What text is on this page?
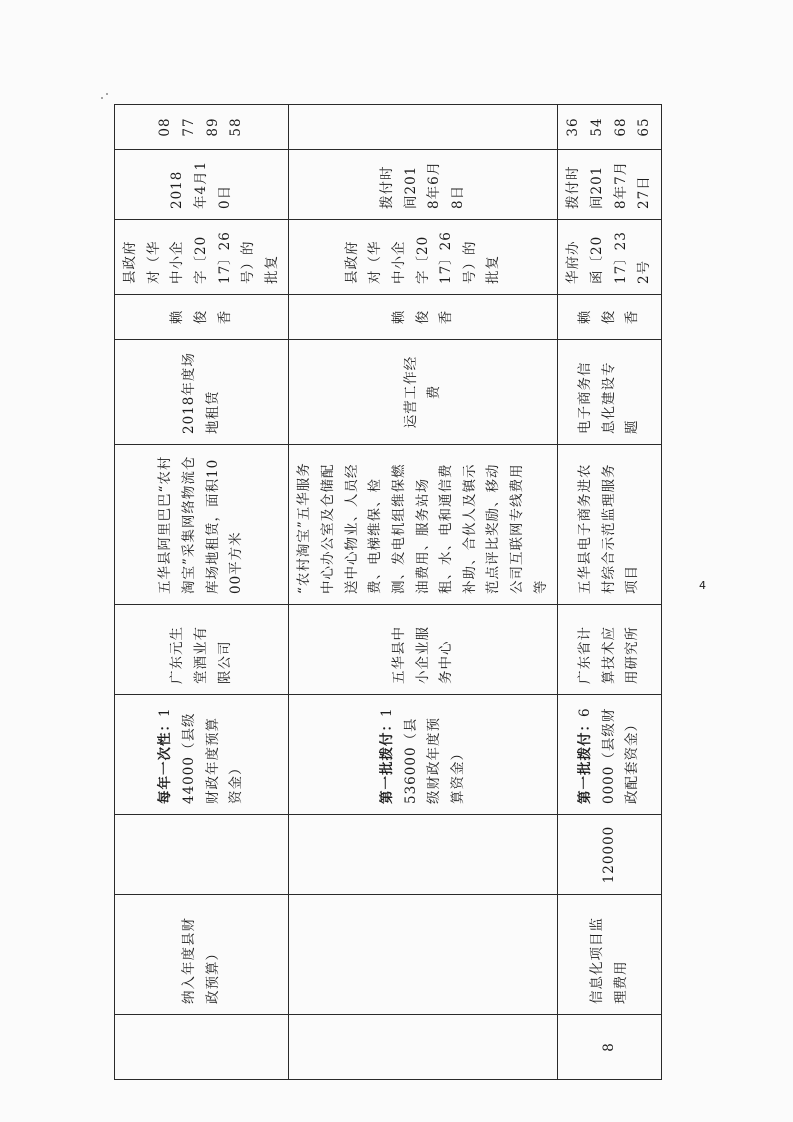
	纳入年度县财政预算）		每年一次性：144000（县级财政年度预算资金）	广东元生堂酒业有限公司	五华县阿里巴巴“农村淘宝”采集网络物流仓库场地租赁，面积1000平方米	2018年度场地租赁	赖俊香	县政府对（华中小企字〔2017〕26号）的批复	2018年4月10日	08778958
			第一批拨付：1536000（县级财政年度预算资金）	五华县中小企业服务中心	“农村淘宝”五华服务中心办公室及仓储配送中心物业、人员经费、电梯维保、检测、发电机组维保燃油费用、服务站场租、水、电和通信费补助、合伙人及镇示范点评比奖励、移动公司互联网专线费用等	运营工作经费	赖俊香	县政府对（华中小企字〔2017〕26号）的批复	拨付时间2018年6月8日	
8	信息化项目监理费用	120000	第一批拨付：60000（县级财政配套资金）	广东省计算技术应用研究所	五华县电子商务进农村综合示范监理服务项目	电子商务信息化建设专题	赖俊香	华府办函〔2017〕232号	拨付时间2018年7月27日	36546865
4
